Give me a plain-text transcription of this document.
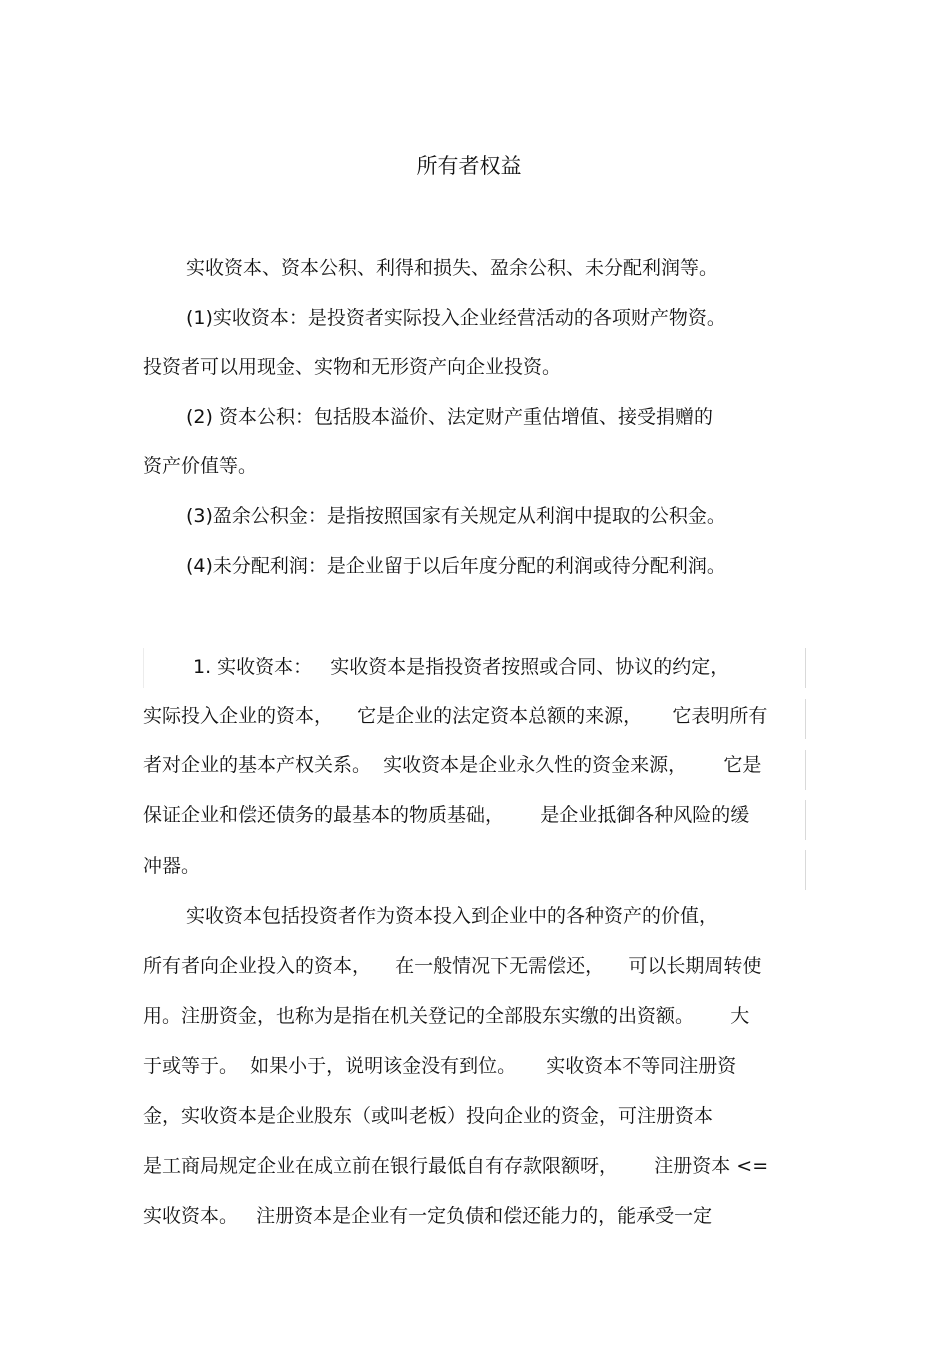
所有者权益
实收资本、资本公积、利得和损失、盈余公积、未分配利润等。
(1)实收资本：是投资者实际投入企业经营活动的各项财产物资。
投资者可以用现金、实物和无形资产向企业投资。
(2) 资本公积：包括股本溢价、法定财产重估增值、接受捐赠的
资产价值等。
(3)盈余公积金：是指按照国家有关规定从利润中提取的公积金。
(4)未分配利润：是企业留于以后年度分配的利润或待分配利润。
1. 实收资本：   实收资本是指投资者按照或合同、协议的约定，
实际投入企业的资本，    它是企业的法定资本总额的来源，     它表明所有
者对企业的基本产权关系。  实收资本是企业永久性的资金来源，      它是
保证企业和偿还债务的最基本的物质基础，      是企业抵御各种风险的缓
冲器。
实收资本包括投资者作为资本投入到企业中的各种资产的价值，
所有者向企业投入的资本，    在一般情况下无需偿还，    可以长期周转使
用。注册资金，也称为是指在机关登记的全部股东实缴的出资额。      大
于或等于。  如果小于，说明该金没有到位。     实收资本不等同注册资
金，实收资本是企业股东（或叫老板）投向企业的资金，可注册资本
是工商局规定企业在成立前在银行最低自有存款限额呀，      注册资本 <=
实收资本。   注册资本是企业有一定负债和偿还能力的，能承受一定
